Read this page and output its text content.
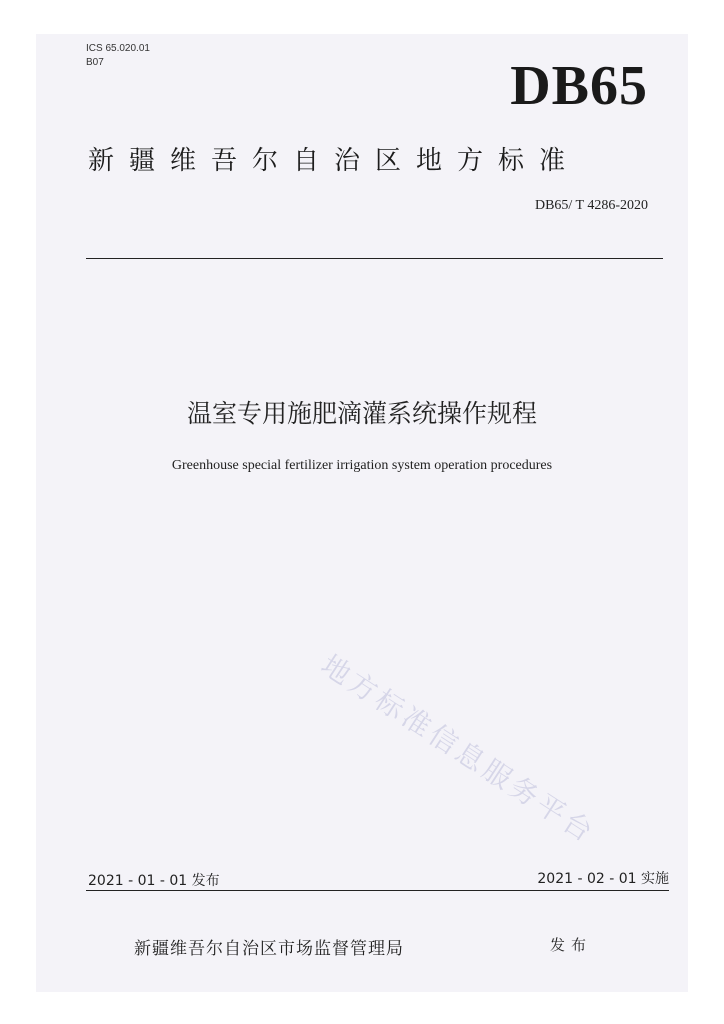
ICS 65.020.01
B07	DB65
新疆维吾尔自治区地方标准
DB65/ T 4286-2020
温室专用施肥滴灌系统操作规程
Greenhouse special fertilizer irrigation system operation procedures
地方标准信息服务平台
2021 - 01 - 01 发布	2021 - 02 - 01 实施
新疆维吾尔自治区市场监督管理局	发布
